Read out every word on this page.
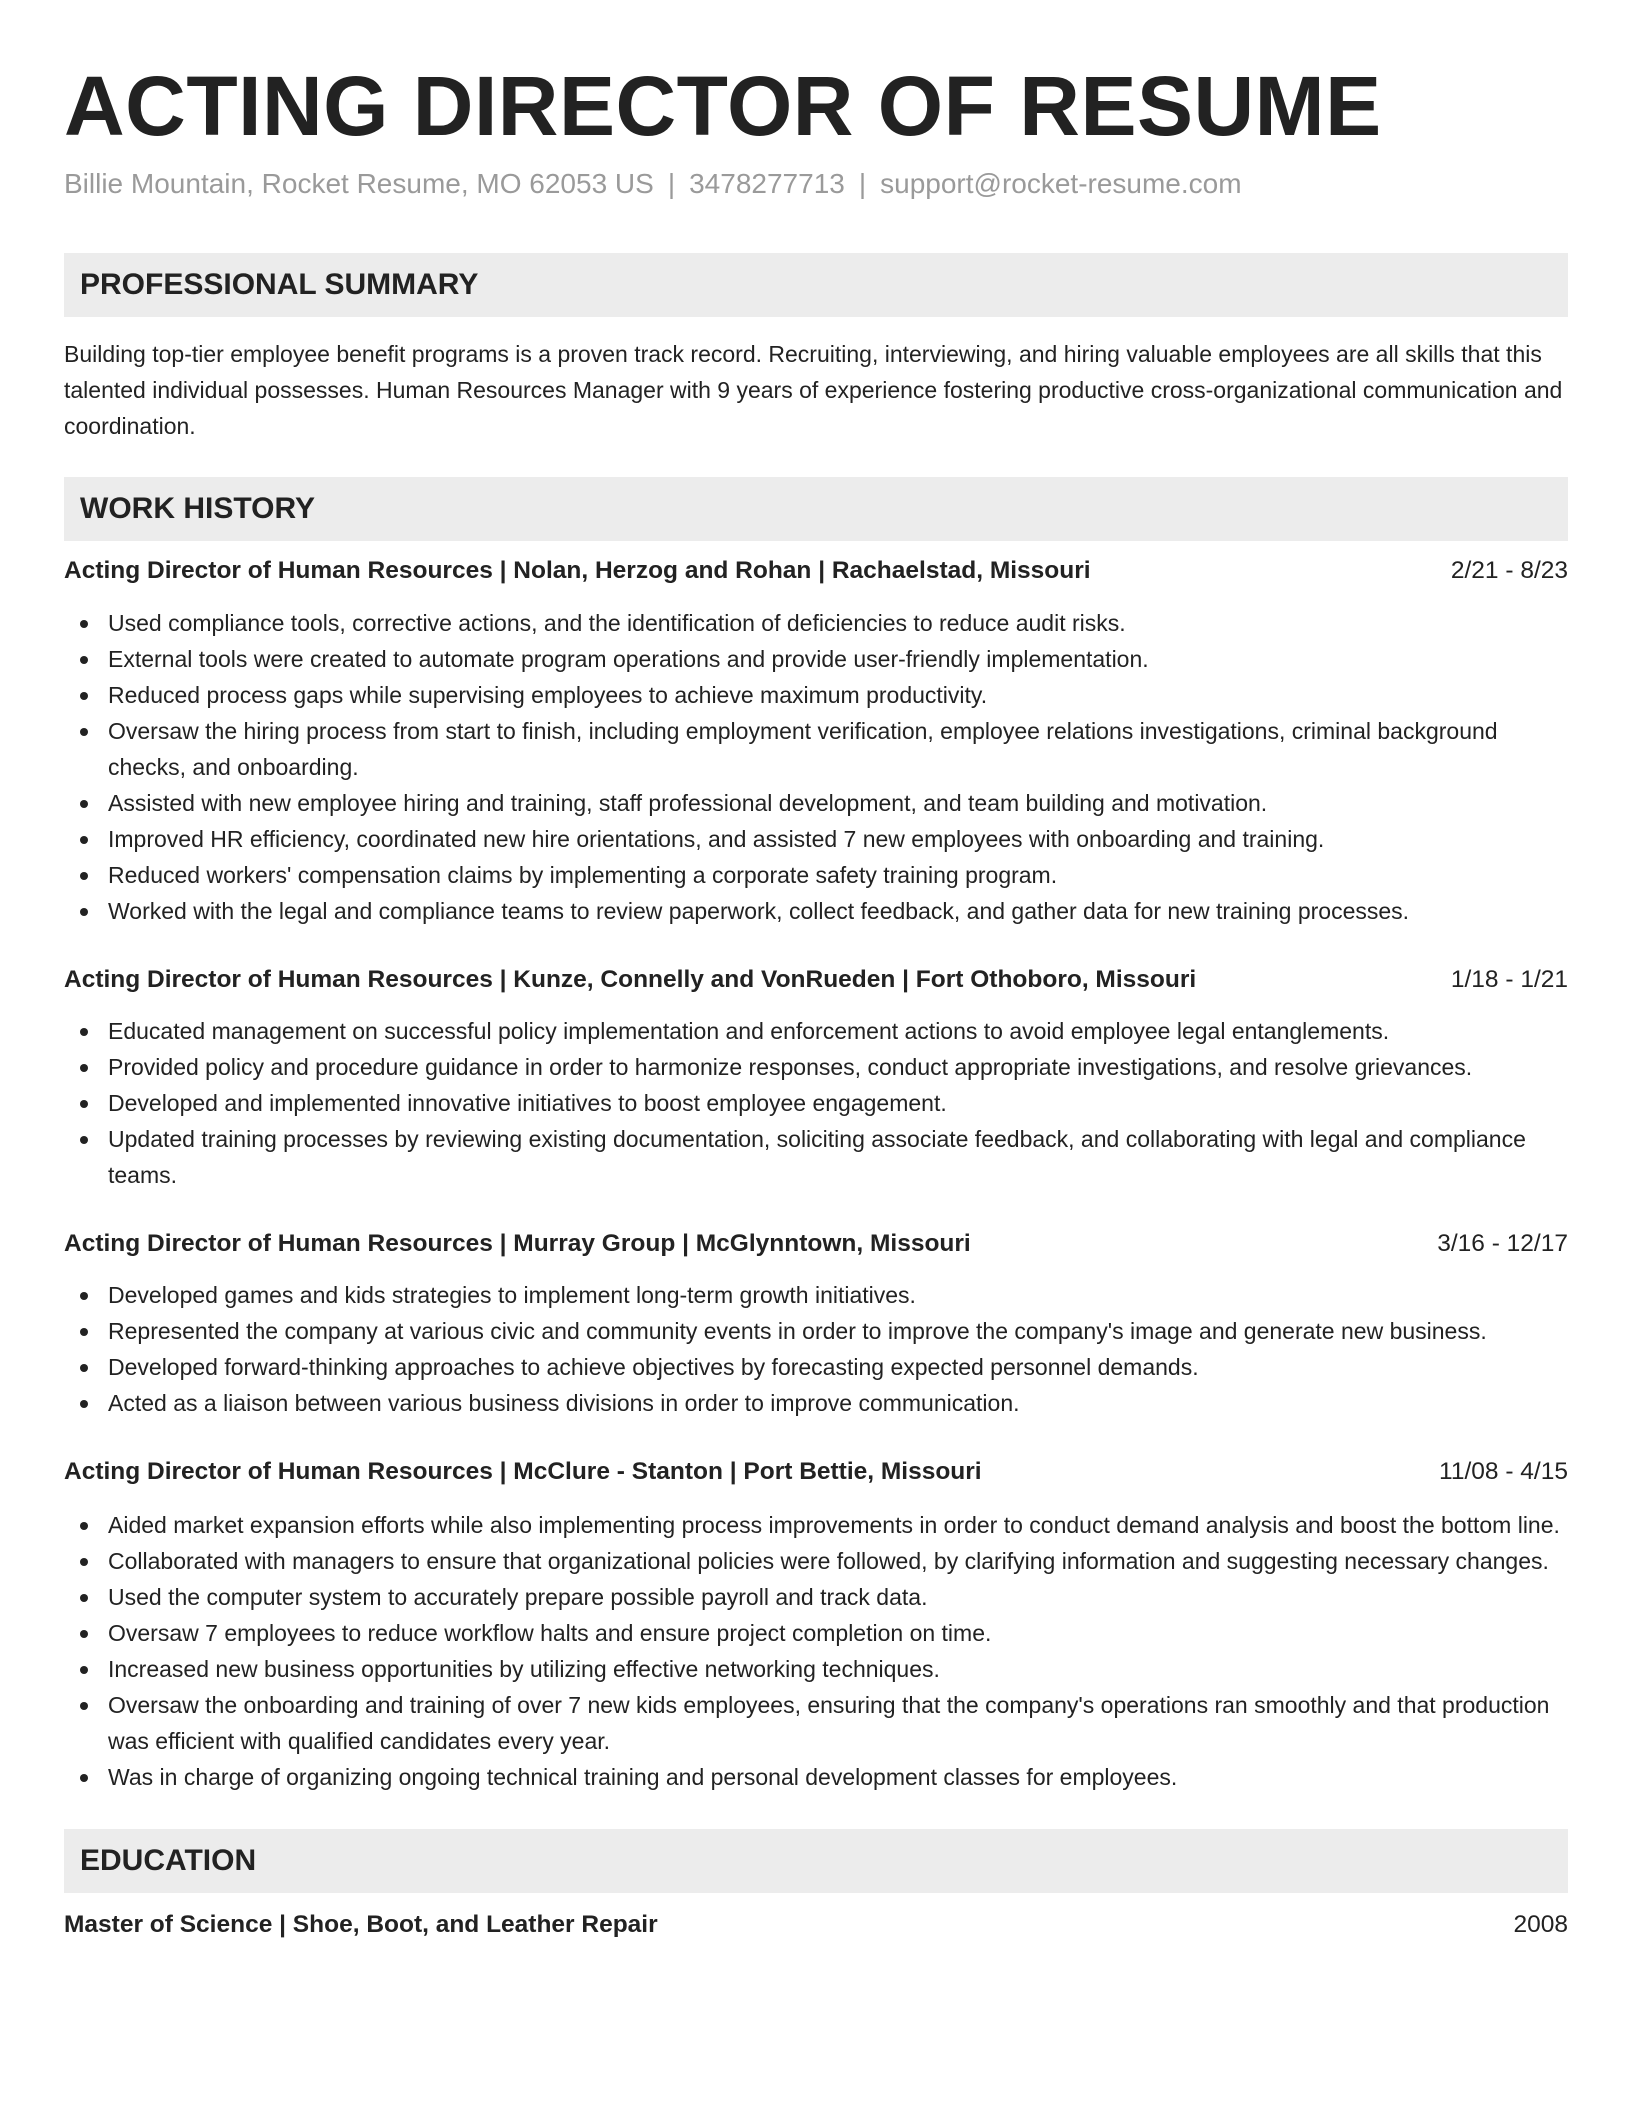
ACTING DIRECTOR OF RESUME
Billie Mountain, Rocket Resume, MO 62053 US | 3478277713 | support@rocket-resume.com
PROFESSIONAL SUMMARY
Building top-tier employee benefit programs is a proven track record. Recruiting, interviewing, and hiring valuable employees are all skills that this talented individual possesses. Human Resources Manager with 9 years of experience fostering productive cross-organizational communication and coordination.
WORK HISTORY
Acting Director of Human Resources | Nolan, Herzog and Rohan | Rachaelstad, Missouri	2/21 - 8/23
Used compliance tools, corrective actions, and the identification of deficiencies to reduce audit risks.
External tools were created to automate program operations and provide user-friendly implementation.
Reduced process gaps while supervising employees to achieve maximum productivity.
Oversaw the hiring process from start to finish, including employment verification, employee relations investigations, criminal background checks, and onboarding.
Assisted with new employee hiring and training, staff professional development, and team building and motivation.
Improved HR efficiency, coordinated new hire orientations, and assisted 7 new employees with onboarding and training.
Reduced workers' compensation claims by implementing a corporate safety training program.
Worked with the legal and compliance teams to review paperwork, collect feedback, and gather data for new training processes.
Acting Director of Human Resources | Kunze, Connelly and VonRueden | Fort Othoboro, Missouri	1/18 - 1/21
Educated management on successful policy implementation and enforcement actions to avoid employee legal entanglements.
Provided policy and procedure guidance in order to harmonize responses, conduct appropriate investigations, and resolve grievances.
Developed and implemented innovative initiatives to boost employee engagement.
Updated training processes by reviewing existing documentation, soliciting associate feedback, and collaborating with legal and compliance teams.
Acting Director of Human Resources | Murray Group | McGlynntown, Missouri	3/16 - 12/17
Developed games and kids strategies to implement long-term growth initiatives.
Represented the company at various civic and community events in order to improve the company's image and generate new business.
Developed forward-thinking approaches to achieve objectives by forecasting expected personnel demands.
Acted as a liaison between various business divisions in order to improve communication.
Acting Director of Human Resources | McClure - Stanton | Port Bettie, Missouri	11/08 - 4/15
Aided market expansion efforts while also implementing process improvements in order to conduct demand analysis and boost the bottom line.
Collaborated with managers to ensure that organizational policies were followed, by clarifying information and suggesting necessary changes.
Used the computer system to accurately prepare possible payroll and track data.
Oversaw 7 employees to reduce workflow halts and ensure project completion on time.
Increased new business opportunities by utilizing effective networking techniques.
Oversaw the onboarding and training of over 7 new kids employees, ensuring that the company's operations ran smoothly and that production was efficient with qualified candidates every year.
Was in charge of organizing ongoing technical training and personal development classes for employees.
EDUCATION
Master of Science | Shoe, Boot, and Leather Repair	2008
